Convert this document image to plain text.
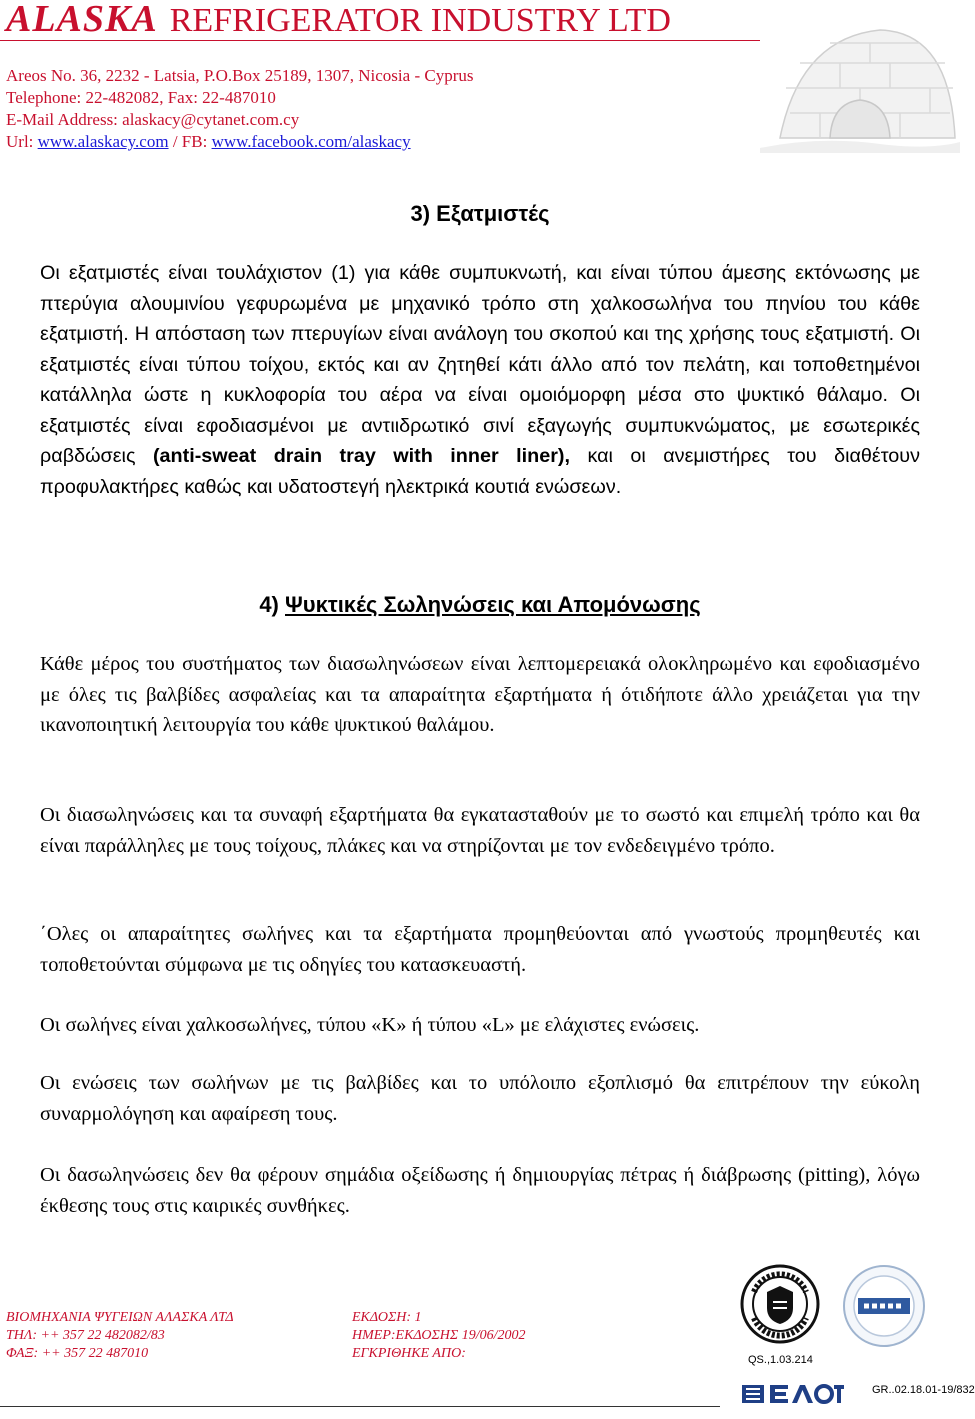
ALASKA REFRIGERATOR INDUSTRY LTD
Areos No. 36, 2232 - Latsia, P.O.Box 25189, 1307, Nicosia - Cyprus
Telephone: 22-482082, Fax: 22-487010
E-Mail Address: alaskacy@cytanet.com.cy
Url: www.alaskacy.com / FB: www.facebook.com/alaskacy
3) Εξατμιστές

Οι εξατμιστές είναι τουλάχιστον (1) για κάθε συμπυκνωτή, και είναι τύπου άμεσης εκτόνωσης με πτερύγια αλουμινίου γεφυρωμένα με μηχανικό τρόπο στη χαλκοσωλήνα του πηνίου του κάθε εξατμιστή. Η απόσταση των πτερυγίων είναι ανάλογη του σκοπού και της χρήσης τους εξατμιστή. Οι εξατμιστές είναι τύπου τοίχου, εκτός και αν ζητηθεί κάτι άλλο από τον πελάτη, και τοποθετημένοι κατάλληλα ώστε η κυκλοφορία του αέρα να είναι ομοιόμορφη μέσα στο ψυκτικό θάλαμο. Οι εξατμιστές είναι εφοδιασμένοι με αντιιδρωτικό σινί εξαγωγής συμπυκνώματος, με εσωτερικές ραβδώσεις (anti-sweat drain tray with inner liner), και οι ανεμιστήρες του διαθέτουν προφυλακτήρες καθώς και υδατοστεγή ηλεκτρικά κουτιά ενώσεων.

4) Ψυκτικές Σωληνώσεις και Απομόνωσης

Κάθε μέρος του συστήματος των διασωληνώσεων είναι λεπτομερειακά ολοκληρωμένο και εφοδιασμένο με όλες τις βαλβίδες ασφαλείας και τα απαραίτητα εξαρτήματα ή ότιδήποτε άλλο χρειάζεται για την ικανοποιητική λειτουργία του κάθε ψυκτικού θαλάμου.

Οι διασωληνώσεις και τα συναφή εξαρτήματα θα εγκατασταθούν με το σωστό και επιμελή τρόπο και θα είναι παράλληλες με τους τοίχους, πλάκες και να στηρίζονται με τον ενδεδειγμένο τρόπο.

΄Ολες οι απαραίτητες σωλήνες και τα εξαρτήματα προμηθεύονται από γνωστούς προμηθευτές και τοποθετούνται σύμφωνα με τις οδηγίες του κατασκευαστή.

Οι σωλήνες είναι χαλκοσωλήνες, τύπου «Κ» ή τύπου «L» με ελάχιστες ενώσεις.

Οι ενώσεις των σωλήνων με τις βαλβίδες και το υπόλοιπο εξοπλισμό θα επιτρέπουν την εύκολη συναρμολόγηση και αφαίρεση τους.

Οι δασωληνώσεις δεν θα φέρουν σημάδια οξείδωσης ή δημιουργίας πέτρας ή διάβρωσης (pitting), λόγω έκθεσης τους στις καιρικές συνθήκες.

ΒΙΟΜΗΧΑΝΙΑ ΨΥΓΕΙΩΝ ΑΛΑΣΚΑ ΛΤΔ
ΤΗΛ: ++ 357 22 482082/83
ΦΑΞ: ++ 357 22 487010
ΕΚΔΟΣΗ: 1
ΗΜΕΡ:ΕΚΔΟΣΗΣ 19/06/2002
ΕΓΚΡΙΘΗΚΕ ΑΠΟ:	QS.,1.03.214
GR..02.18.01-19/832
